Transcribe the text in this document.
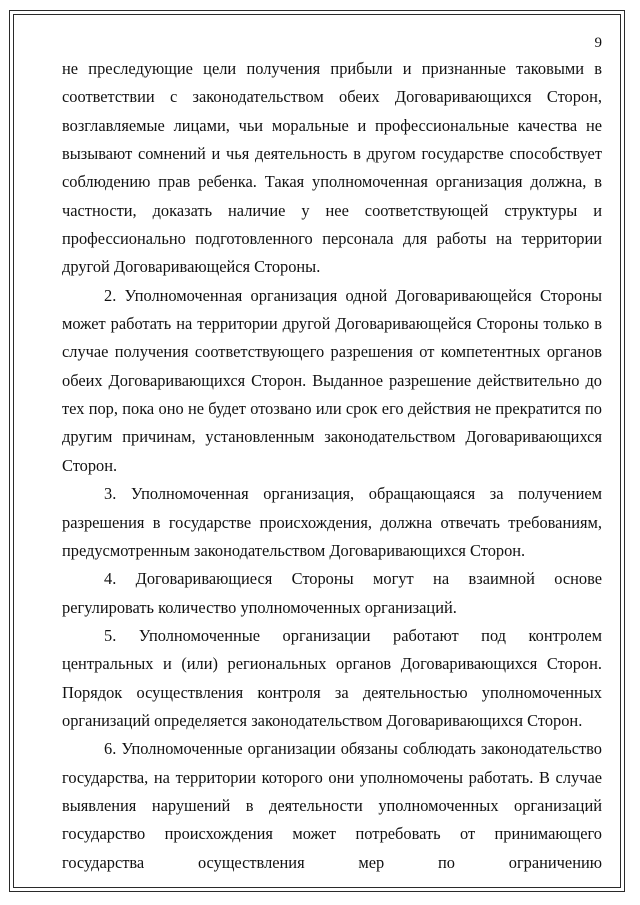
9

не преследующие цели получения прибыли и признанные таковыми в соответствии с законодательством обеих Договаривающихся Сторон, возглавляемые лицами, чьи моральные и профессиональные качества не вызывают сомнений и чья деятельность в другом государстве способствует соблюдению прав ребенка. Такая уполномоченная организация должна, в частности, доказать наличие у нее соответствующей структуры и профессионально подготовленного персонала для работы на территории другой Договаривающейся Стороны.

2. Уполномоченная организация одной Договаривающейся Стороны может работать на территории другой Договаривающейся Стороны только в случае получения соответствующего разрешения от компетентных органов обеих Договаривающихся Сторон. Выданное разрешение действительно до тех пор, пока оно не будет отозвано или срок его действия не прекратится по другим причинам, установленным законодательством Договаривающихся Сторон.

3. Уполномоченная организация, обращающаяся за получением разрешения в государстве происхождения, должна отвечать требованиям, предусмотренным законодательством Договаривающихся Сторон.

4. Договаривающиеся Стороны могут на взаимной основе регулировать количество уполномоченных организаций.

5. Уполномоченные организации работают под контролем центральных и (или) региональных органов Договаривающихся Сторон. Порядок осуществления контроля за деятельностью уполномоченных организаций определяется законодательством Договаривающихся Сторон.

6. Уполномоченные организации обязаны соблюдать законодательство государства, на территории которого они уполномочены работать. В случае выявления нарушений в деятельности уполномоченных организаций государство происхождения может потребовать от принимающего государства осуществления мер по ограничению
